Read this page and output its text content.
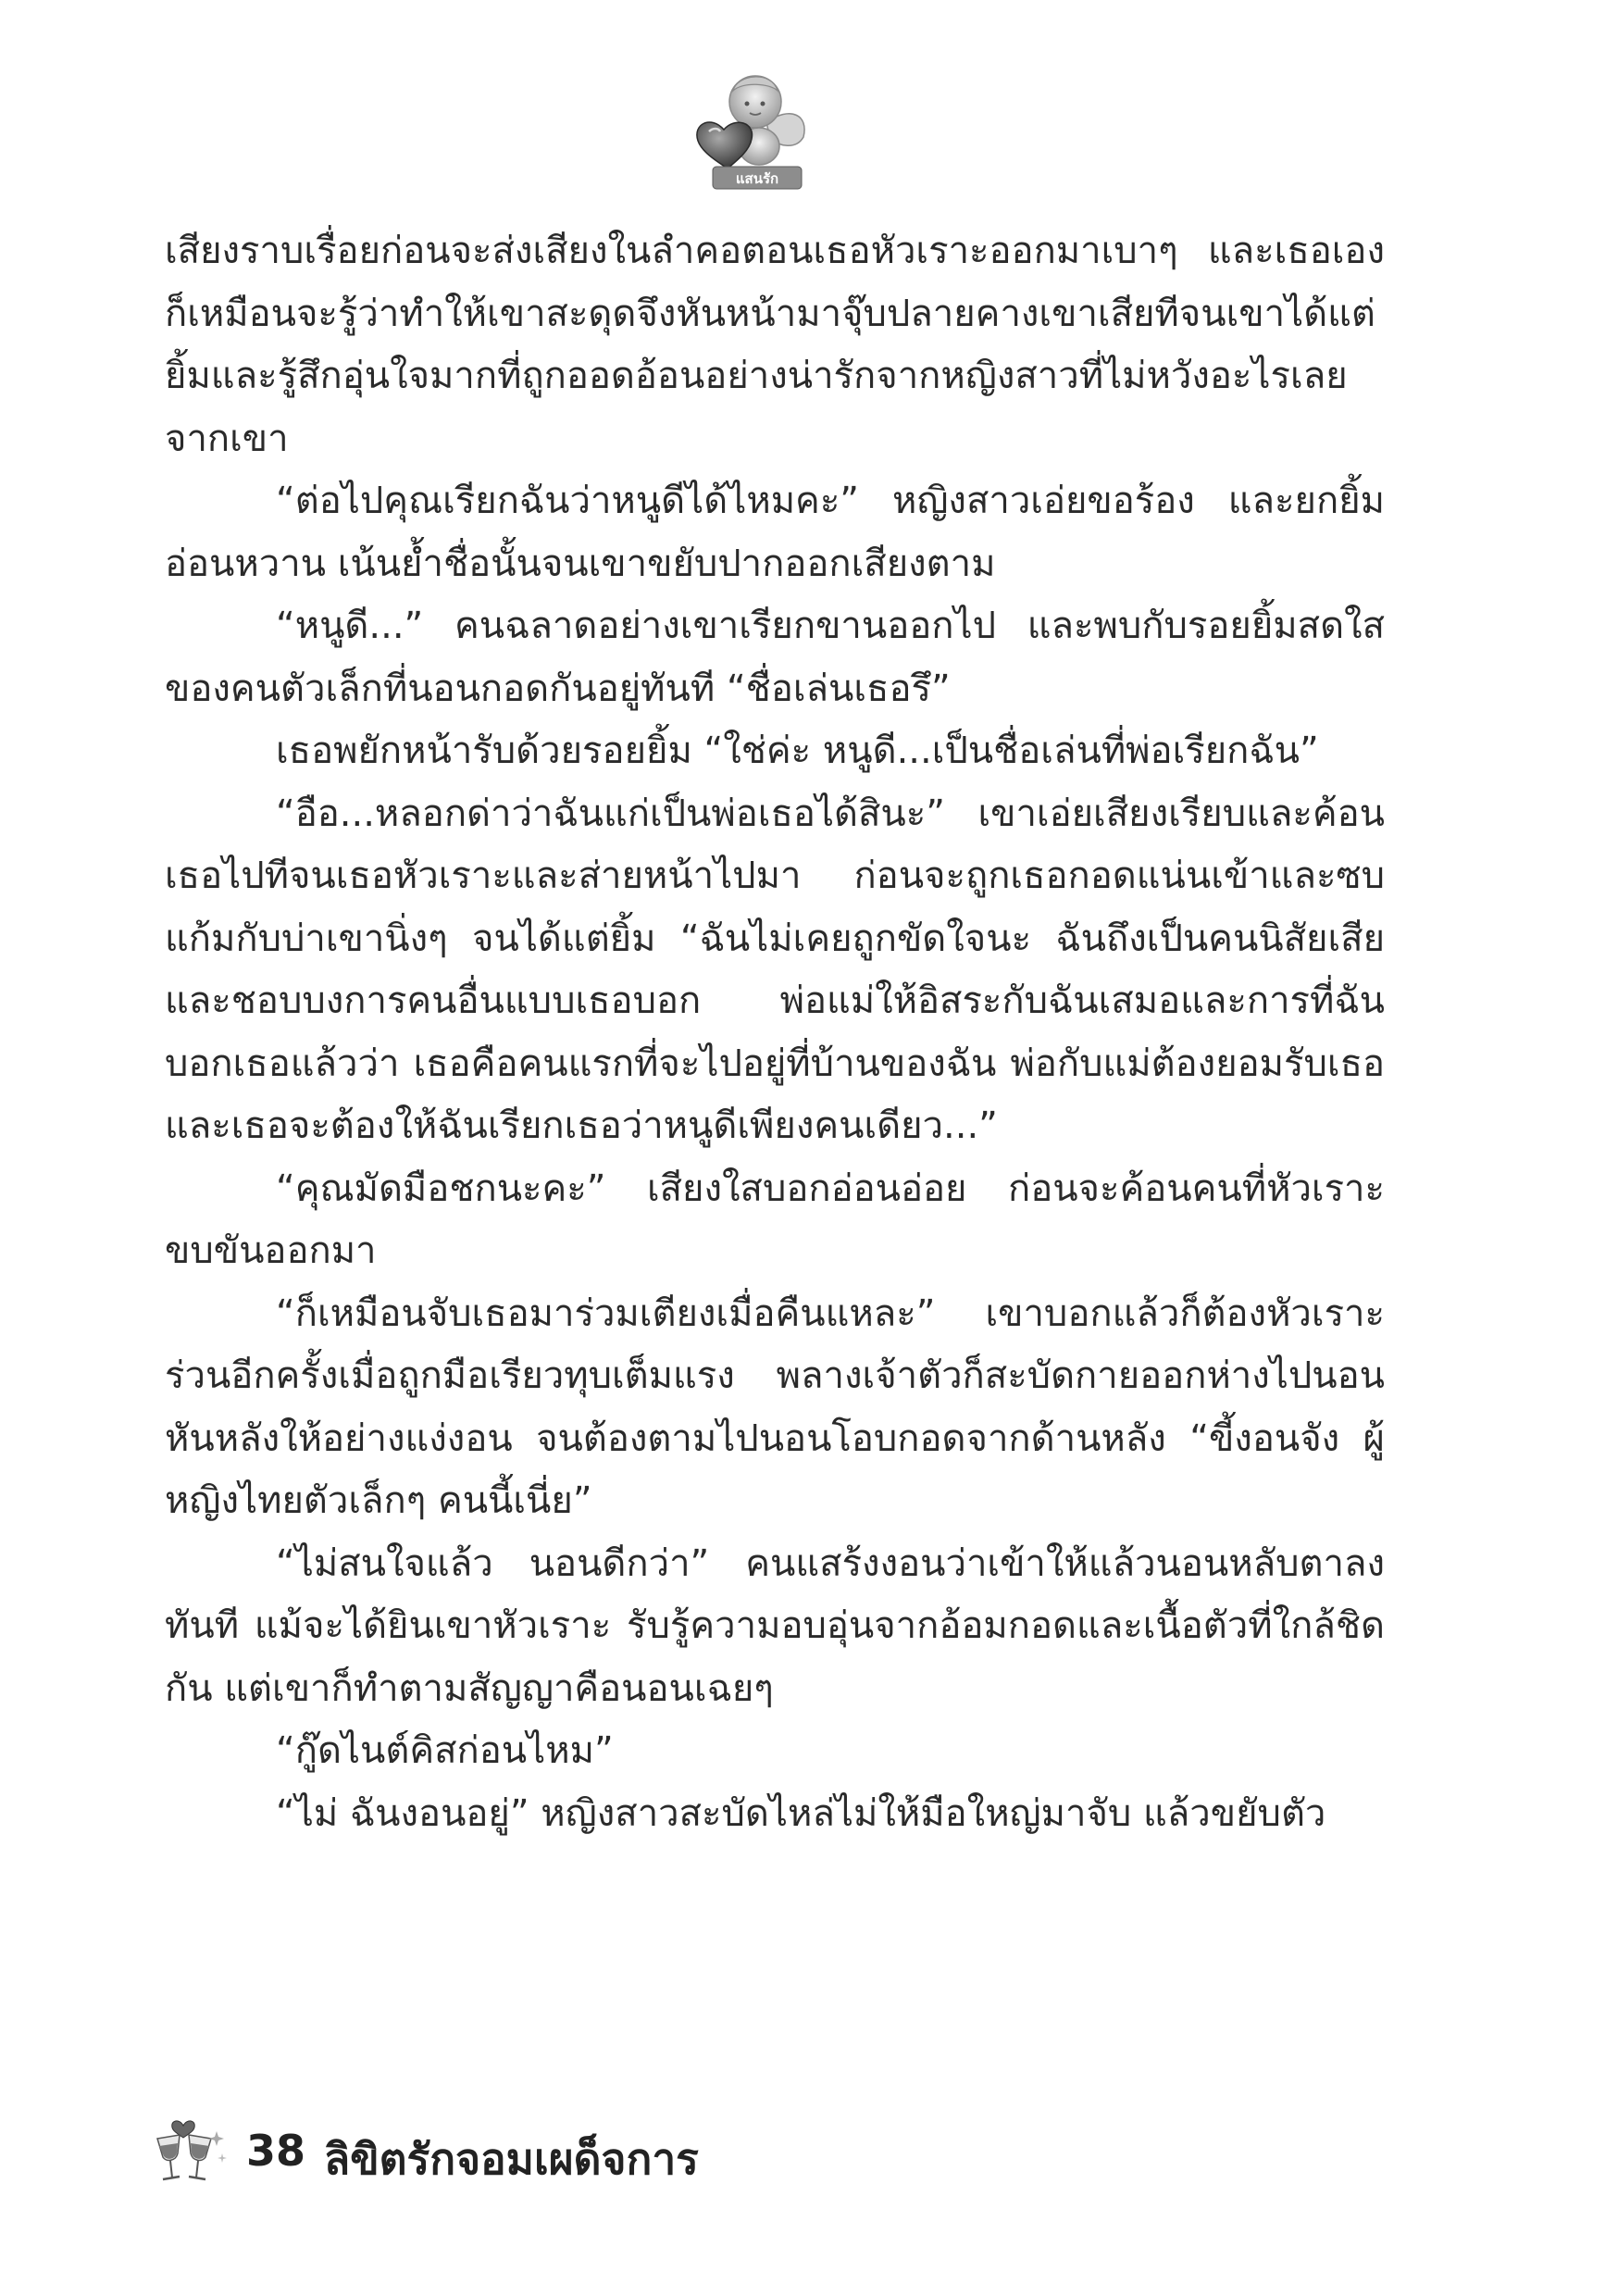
แสนรัก

เสียงราบเรื่อยก่อนจะส่งเสียงในลำคอตอนเธอหัวเราะออกมาเบาๆ และเธอเองก็เหมือนจะรู้ว่าทำให้เขาสะดุดจึงหันหน้ามาจุ๊บปลายคางเขาเสียทีจนเขาได้แต่ยิ้มและรู้สึกอุ่นใจมากที่ถูกออดอ้อนอย่างน่ารักจากหญิงสาวที่ไม่หวังอะไรเลยจากเขา

“ต่อไปคุณเรียกฉันว่าหนูดีได้ไหมคะ” หญิงสาวเอ่ยขอร้อง และยกยิ้มอ่อนหวาน เน้นย้ำชื่อนั้นจนเขาขยับปากออกเสียงตาม

“หนูดี...” คนฉลาดอย่างเขาเรียกขานออกไป และพบกับรอยยิ้มสดใสของคนตัวเล็กที่นอนกอดกันอยู่ทันที “ชื่อเล่นเธอรึ”

เธอพยักหน้ารับด้วยรอยยิ้ม “ใช่ค่ะ หนูดี...เป็นชื่อเล่นที่พ่อเรียกฉัน”

“อือ...หลอกด่าว่าฉันแก่เป็นพ่อเธอได้สินะ” เขาเอ่ยเสียงเรียบและค้อนเธอไปทีจนเธอหัวเราะและส่ายหน้าไปมา ก่อนจะถูกเธอกอดแน่นเข้าและซบแก้มกับบ่าเขานิ่งๆ จนได้แต่ยิ้ม “ฉันไม่เคยถูกขัดใจนะ ฉันถึงเป็นคนนิสัยเสียและชอบบงการคนอื่นแบบเธอบอก พ่อแม่ให้อิสระกับฉันเสมอและการที่ฉันบอกเธอแล้วว่า เธอคือคนแรกที่จะไปอยู่ที่บ้านของฉัน พ่อกับแม่ต้องยอมรับเธอ และเธอจะต้องให้ฉันเรียกเธอว่าหนูดีเพียงคนเดียว...”

“คุณมัดมือชกนะคะ” เสียงใสบอกอ่อนอ่อย ก่อนจะค้อนคนที่หัวเราะขบขันออกมา

“ก็เหมือนจับเธอมาร่วมเตียงเมื่อคืนแหละ” เขาบอกแล้วก็ต้องหัวเราะร่วนอีกครั้งเมื่อถูกมือเรียวทุบเต็มแรง พลางเจ้าตัวก็สะบัดกายออกห่างไปนอนหันหลังให้อย่างแง่งอน จนต้องตามไปนอนโอบกอดจากด้านหลัง “ขี้งอนจัง ผู้หญิงไทยตัวเล็กๆ คนนี้เนี่ย”

“ไม่สนใจแล้ว นอนดีกว่า” คนแสร้งงอนว่าเข้าให้แล้วนอนหลับตาลงทันที แม้จะได้ยินเขาหัวเราะ รับรู้ความอบอุ่นจากอ้อมกอดและเนื้อตัวที่ใกล้ชิดกัน แต่เขาก็ทำตามสัญญาคือนอนเฉยๆ

“กู๊ดไนต์คิสก่อนไหม”

“ไม่ ฉันงอนอยู่” หญิงสาวสะบัดไหล่ไม่ให้มือใหญ่มาจับ แล้วขยับตัว

38 ลิขิตรักจอมเผด็จการ
